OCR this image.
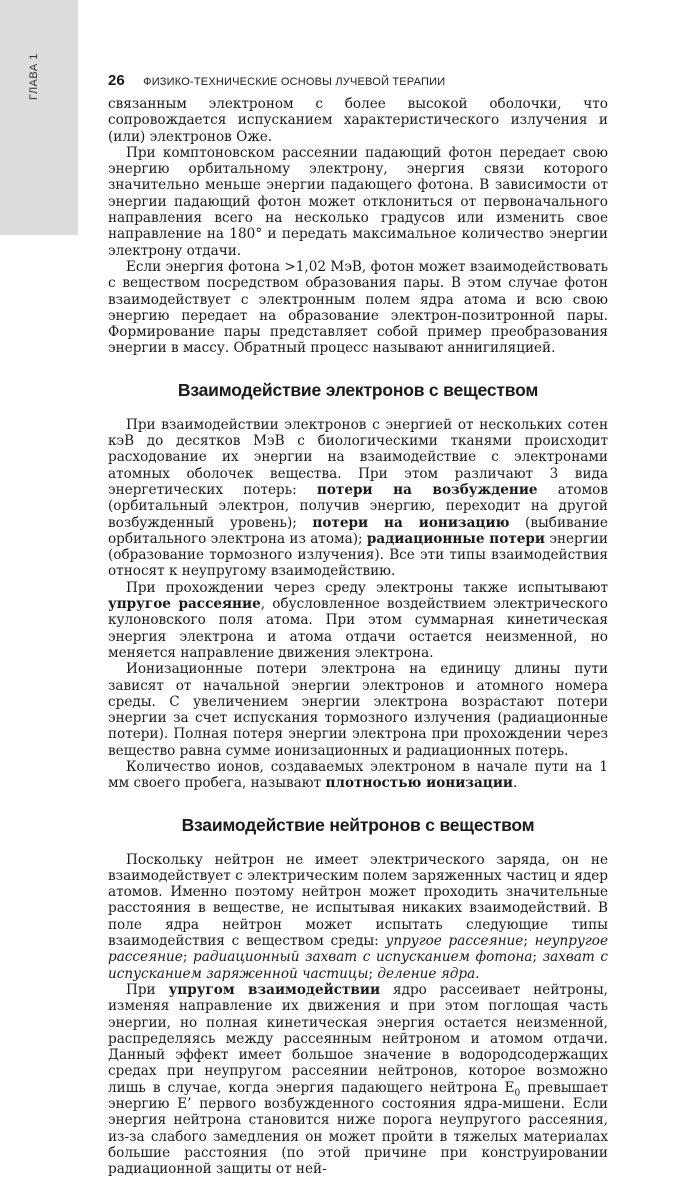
ГЛАВА 1	26 ФИЗИКО-ТЕХНИЧЕСКИЕ ОСНОВЫ ЛУЧЕВОЙ ТЕРАПИИ

связанным электроном с более высокой оболочки, что сопровождается испусканием характеристического излучения и (или) электронов Оже.

При комптоновском рассеянии падающий фотон передает свою энергию орбитальному электрону, энергия связи которого значительно меньше энергии падающего фотона. В зависимости от энергии падающий фотон может отклониться от первоначального направления всего на несколько градусов или изменить свое направление на 180° и передать максимальное количество энергии электрону отдачи.

Если энергия фотона >1,02 МэВ, фотон может взаимодействовать с веществом посредством образования пары. В этом случае фотон взаимодействует с электронным полем ядра атома и всю свою энергию передает на образование электрон-позитронной пары. Формирование пары представляет собой пример преобразования энергии в массу. Обратный процесс называют аннигиляцией.

Взаимодействие электронов с веществом

При взаимодействии электронов с энергией от нескольких сотен кэВ до десятков МэВ с биологическими тканями происходит расходование их энергии на взаимодействие с электронами атомных оболочек вещества. При этом различают 3 вида энергетических потерь: потери на возбуждение атомов (орбитальный электрон, получив энергию, переходит на другой возбужденный уровень); потери на ионизацию (выбивание орбитального электрона из атома); радиационные потери энергии (образование тормозного излучения). Все эти типы взаимодействия относят к неупругому взаимодействию.

При прохождении через среду электроны также испытывают упругое рассеяние, обусловленное воздействием электрического кулоновского поля атома. При этом суммарная кинетическая энергия электрона и атома отдачи остается неизменной, но меняется направление движения электрона.

Ионизационные потери электрона на единицу длины пути зависят от начальной энергии электронов и атомного номера среды. С увеличением энергии электрона возрастают потери энергии за счет испускания тормозного излучения (радиационные потери). Полная потеря энергии электрона при прохождении через вещество равна сумме ионизационных и радиационных потерь.

Количество ионов, создаваемых электроном в начале пути на 1 мм своего пробега, называют плотностью ионизации.

Взаимодействие нейтронов с веществом

Поскольку нейтрон не имеет электрического заряда, он не взаимодействует с электрическим полем заряженных частиц и ядер атомов. Именно поэтому нейтрон может проходить значительные расстояния в веществе, не испытывая никаких взаимодействий. В поле ядра нейтрон может испытать следующие типы взаимодействия с веществом среды: упругое рассеяние; неупругое рассеяние; радиационный захват с испусканием фотона; захват с испусканием заряженной частицы; деление ядра.

При упругом взаимодействии ядро рассеивает нейтроны, изменяя направление их движения и при этом поглощая часть энергии, но полная кинетическая энергия остается неизменной, распределяясь между рассеянным нейтроном и атомом отдачи. Данный эффект имеет большое значение в водородсодержащих средах при неупругом рассеянии нейтронов, которое возможно лишь в случае, когда энергия падающего нейтрона $E_0$ превышает энергию E’ первого возбужденного состояния ядра-мишени. Если энергия нейтрона становится ниже порога неупругого рассеяния, из-за слабого замедления он может пройти в тяжелых материалах большие расстояния (по этой причине при конструировании радиационной защиты от ней-
